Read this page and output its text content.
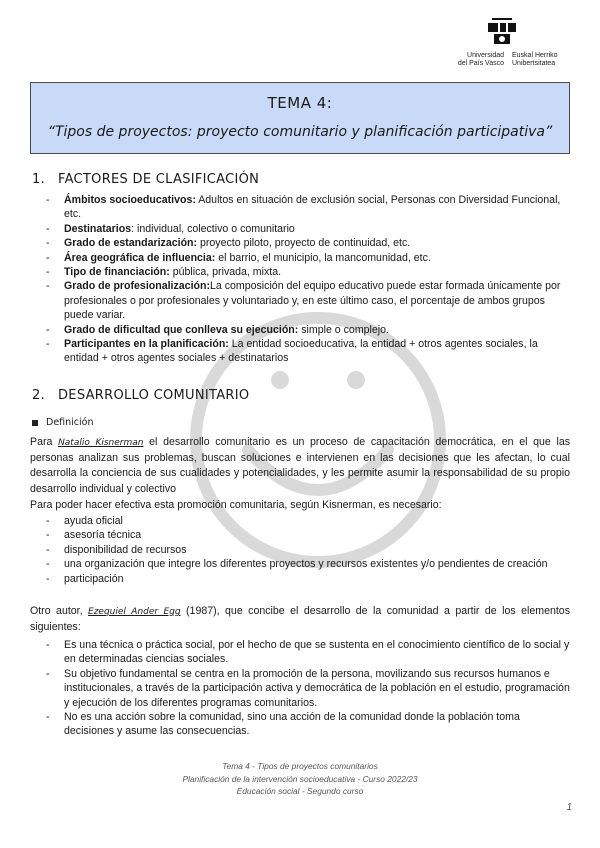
Universidad
del País Vasco
Euskal Herriko
Unibertsitatea
TEMA 4:
“Tipos de proyectos: proyecto comunitario y planificación participativa”
1. FACTORES DE CLASIFICACIÓN
- Ámbitos socioeducativos: Adultos en situación de exclusión social, Personas con Diversidad Funcional, etc.
- Destinatarios: individual, colectivo o comunitario
- Grado de estandarización: proyecto piloto, proyecto de continuidad, etc.
- Área geográfica de influencia: el barrio, el municipio, la mancomunidad, etc.
- Tipo de financiación: pública, privada, mixta.
- Grado de profesionalización:La composición del equipo educativo puede estar formada únicamente por profesionales o por profesionales y voluntariado y, en este último caso, el porcentaje de ambos grupos puede variar.
- Grado de dificultad que conlleva su ejecución: simple o complejo.
- Participantes en la planificación: La entidad socioeducativa, la entidad + otros agentes sociales, la entidad + otros agentes sociales + destinatarios
2. DESARROLLO COMUNITARIO
Definición
Para Natalio Kisnerman el desarrollo comunitario es un proceso de capacitación democrática, en el que las personas analizan sus problemas, buscan soluciones e intervienen en las decisiones que les afectan, lo cual desarrolla la conciencia de sus cualidades y potencialidades, y les permite asumir la responsabilidad de su propio desarrollo individual y colectivo
Para poder hacer efectiva esta promoción comunitaria, según Kisnerman, es necesario:
- ayuda oficial
- asesoría técnica
- disponibilidad de recursos
- una organización que integre los diferentes proyectos y recursos existentes y/o pendientes de creación
- participación
Otro autor, Ezequiel Ander Egg (1987), que concibe el desarrollo de la comunidad a partir de los elementos siguientes:
- Es una técnica o práctica social, por el hecho de que se sustenta en el conocimiento científico de lo social y en determinadas ciencias sociales.
- Su objetivo fundamental se centra en la promoción de la persona, movilizando sus recursos humanos e institucionales, a través de la participación activa y democrática de la población en el estudio, programación y ejecución de los diferentes programas comunitarios.
- No es una acción sobre la comunidad, sino una acción de la comunidad donde la población toma decisiones y asume las consecuencias.
Tema 4 - Tipos de proyectos comunitarios
Planificación de la intervención socioeducativa - Curso 2022/23
Educación social - Segundo curso
1
